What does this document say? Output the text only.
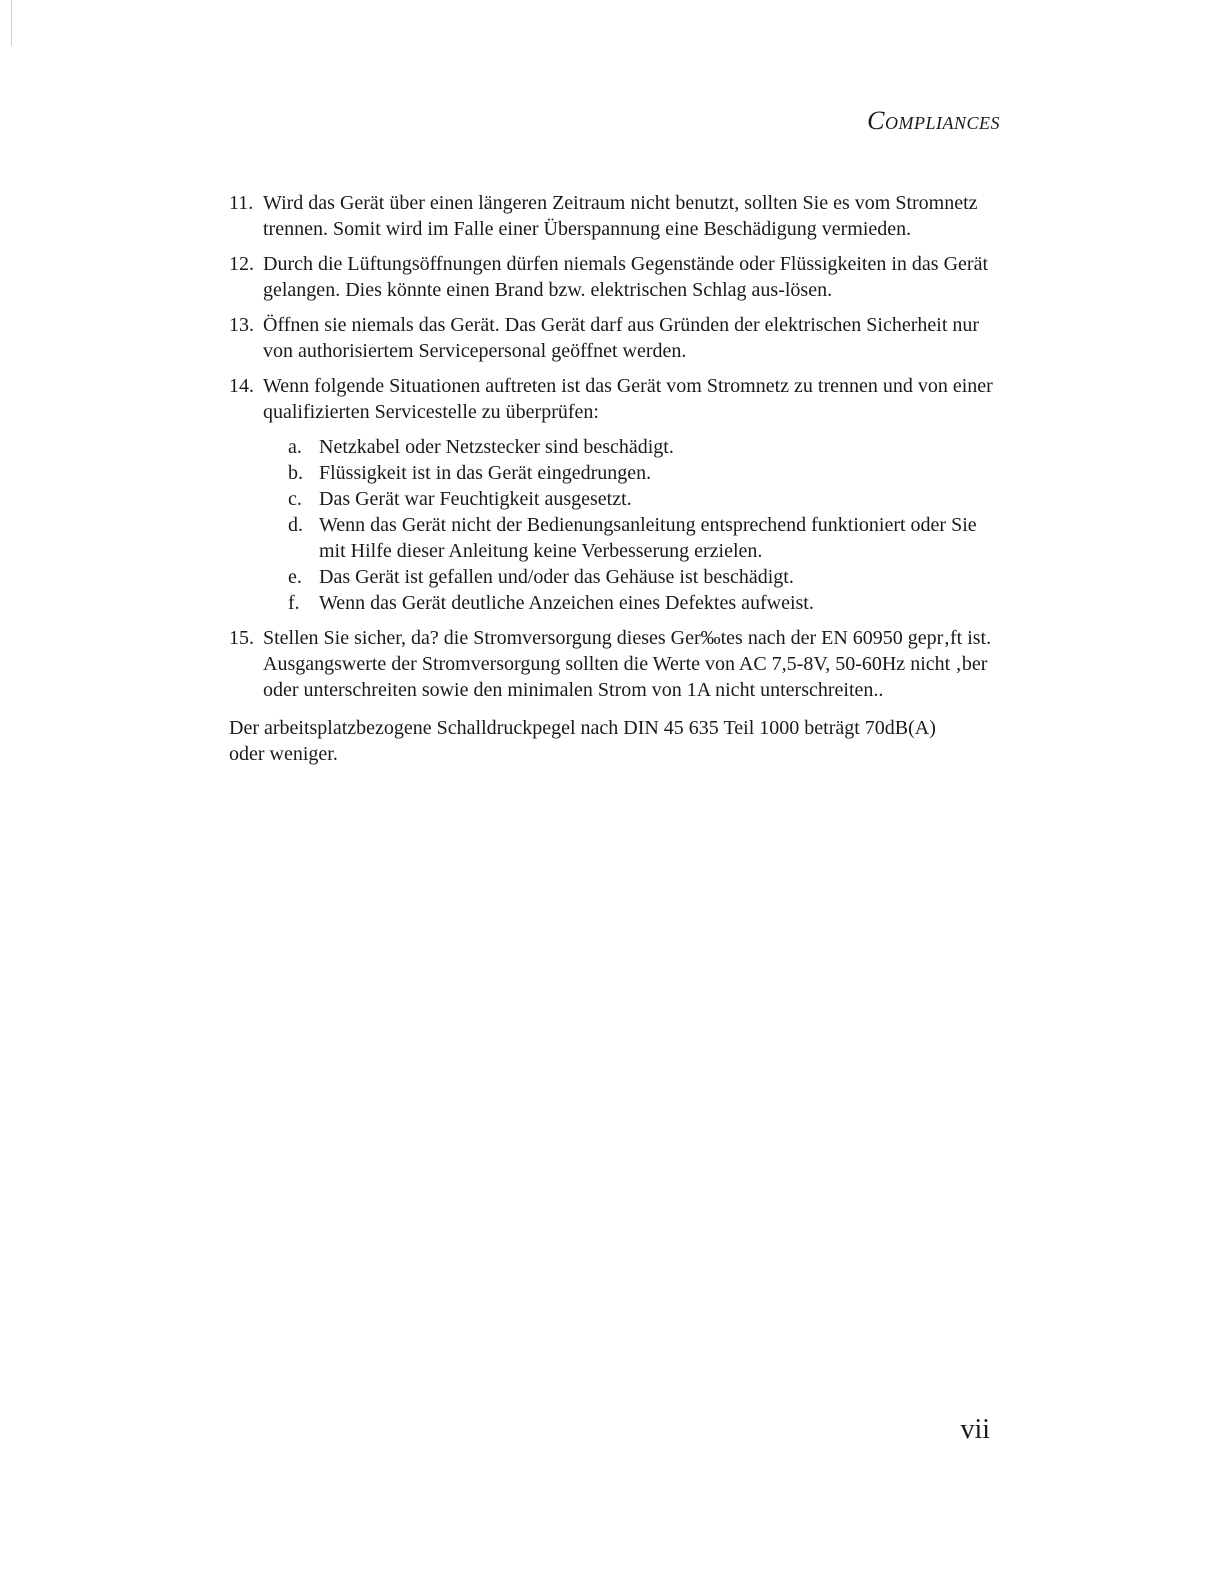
Compliances
11. Wird das Gerät über einen längeren Zeitraum nicht benutzt, sollten Sie es vom Stromnetz trennen. Somit wird im Falle einer Überspannung eine Beschädigung vermieden.
12. Durch die Lüftungsöffnungen dürfen niemals Gegenstände oder Flüssigkeiten in das Gerät gelangen. Dies könnte einen Brand bzw. elektrischen Schlag aus-lösen.
13. Öffnen sie niemals das Gerät. Das Gerät darf aus Gründen der elektrischen Sicherheit nur von authorisiertem Servicepersonal geöffnet werden.
14. Wenn folgende Situationen auftreten ist das Gerät vom Stromnetz zu trennen und von einer qualifizierten Servicestelle zu überprüfen:
a. Netzkabel oder Netzstecker sind beschädigt.
b. Flüssigkeit ist in das Gerät eingedrungen.
c. Das Gerät war Feuchtigkeit ausgesetzt.
d. Wenn das Gerät nicht der Bedienungsanleitung entsprechend funktioniert oder Sie mit Hilfe dieser Anleitung keine Verbesserung erzielen.
e. Das Gerät ist gefallen und/oder das Gehäuse ist beschädigt.
f. Wenn das Gerät deutliche Anzeichen eines Defektes aufweist.
15. Stellen Sie sicher, da? die Stromversorgung dieses Ger‰tes nach der EN 60950 gepr‚ft ist. Ausgangswerte der Stromversorgung sollten die Werte von AC 7,5-8V, 50-60Hz nicht ‚ber oder unterschreiten sowie den minimalen Strom von 1A nicht unterschreiten..

Der arbeitsplatzbezogene Schalldruckpegel nach DIN 45 635 Teil 1000 beträgt 70dB(A) oder weniger.

vii
